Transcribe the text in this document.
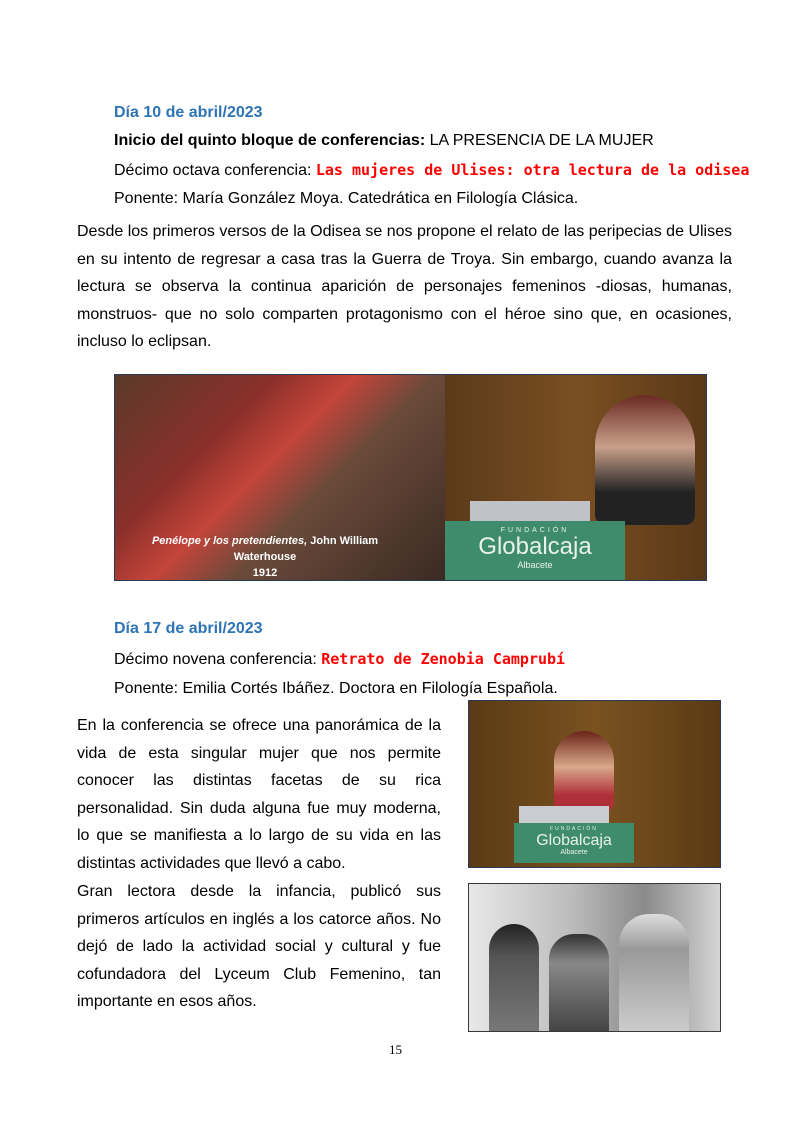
Día 10 de abril/2023
Inicio del quinto bloque de conferencias: LA PRESENCIA DE LA MUJER
Décimo octava conferencia: Las mujeres de Ulises: otra lectura de la odisea
Ponente: María González Moya. Catedrática en Filología Clásica.
Desde los primeros versos de la Odisea se nos propone el relato de las peripecias de Ulises en su intento de regresar a casa tras la Guerra de Troya. Sin embargo, cuando avanza la lectura se observa la continua aparición de personajes femeninos -diosas, humanas, monstruos- que no solo comparten protagonismo con el héroe sino que, en ocasiones, incluso lo eclipsan.
Penélope y los pretendientes, John William
Waterhouse
1912
FUNDACIÓN
Globalcaja
Albacete
Día 17 de abril/2023
Décimo novena conferencia: Retrato de Zenobia Camprubí
Ponente: Emilia Cortés Ibáñez. Doctora en Filología Española.
En la conferencia se ofrece una panorámica de la vida de esta singular mujer que nos permite conocer las distintas facetas de su rica personalidad. Sin duda alguna fue muy moderna, lo que se manifiesta a lo largo de su vida en las distintas actividades que llevó a cabo.
Gran lectora desde la infancia, publicó sus primeros artículos en inglés a los catorce años. No dejó de lado la actividad social y cultural y fue cofundadora del Lyceum Club Femenino, tan importante en esos años.
FUNDACIÓN
Globalcaja
Albacete
15
